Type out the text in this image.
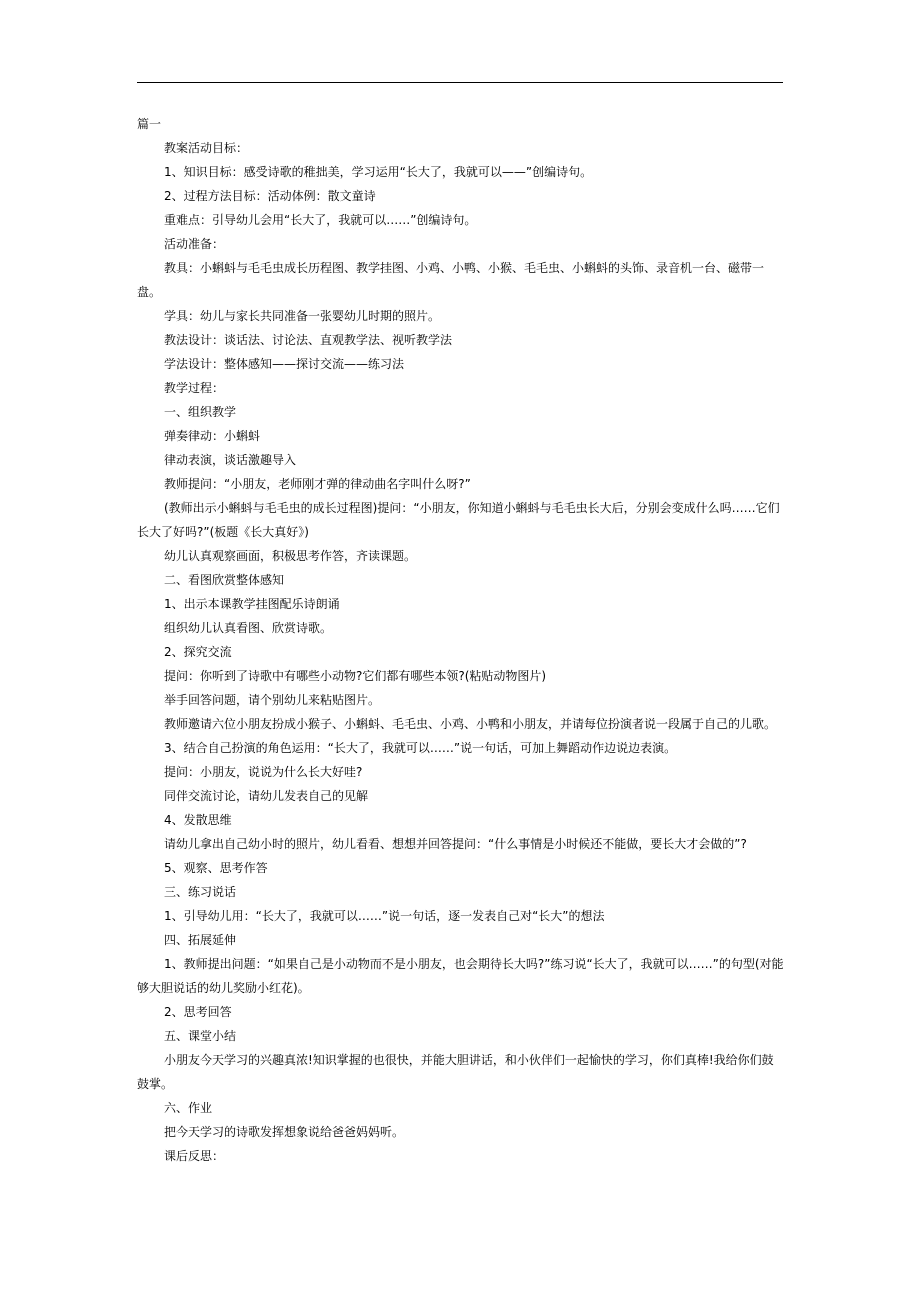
篇一

教案活动目标：

1、知识目标：感受诗歌的稚拙美，学习运用“长大了，我就可以——”创编诗句。

2、过程方法目标：活动体例：散文童诗

重难点：引导幼儿会用“长大了，我就可以……”创编诗句。

活动准备：

教具：小蝌蚪与毛毛虫成长历程图、教学挂图、小鸡、小鸭、小猴、毛毛虫、小蝌蚪的头饰、录音机一台、磁带一盘。

学具：幼儿与家长共同准备一张婴幼儿时期的照片。

教法设计：谈话法、讨论法、直观教学法、视听教学法

学法设计：整体感知——探讨交流——练习法

教学过程：

一、组织教学

弹奏律动：小蝌蚪

律动表演，谈话激趣导入

教师提问：“小朋友，老师刚才弹的律动曲名字叫什么呀?”

(教师出示小蝌蚪与毛毛虫的成长过程图)提问：“小朋友，你知道小蝌蚪与毛毛虫长大后，分别会变成什么吗……它们长大了好吗?”(板题《长大真好》)

幼儿认真观察画面，积极思考作答，齐读课题。

二、看图欣赏整体感知

1、出示本课教学挂图配乐诗朗诵

组织幼儿认真看图、欣赏诗歌。

2、探究交流

提问：你听到了诗歌中有哪些小动物?它们都有哪些本领?(粘贴动物图片)

举手回答问题，请个别幼儿来粘贴图片。

教师邀请六位小朋友扮成小猴子、小蝌蚪、毛毛虫、小鸡、小鸭和小朋友，并请每位扮演者说一段属于自己的儿歌。

3、结合自己扮演的角色运用：“长大了，我就可以……”说一句话，可加上舞蹈动作边说边表演。

提问：小朋友，说说为什么长大好哇?

同伴交流讨论，请幼儿发表自己的见解

4、发散思维

请幼儿拿出自己幼小时的照片，幼儿看看、想想并回答提问：“什么事情是小时候还不能做，要长大才会做的”?

5、观察、思考作答

三、练习说话

1、引导幼儿用：“长大了，我就可以……”说一句话，逐一发表自己对“长大”的想法

四、拓展延伸

1、教师提出问题：“如果自己是小动物而不是小朋友，也会期待长大吗?”练习说“长大了，我就可以……”的句型(对能够大胆说话的幼儿奖励小红花)。

2、思考回答

五、课堂小结

小朋友今天学习的兴趣真浓!知识掌握的也很快，并能大胆讲话，和小伙伴们一起愉快的学习，你们真棒!我给你们鼓鼓掌。

六、作业

把今天学习的诗歌发挥想象说给爸爸妈妈听。

课后反思：
